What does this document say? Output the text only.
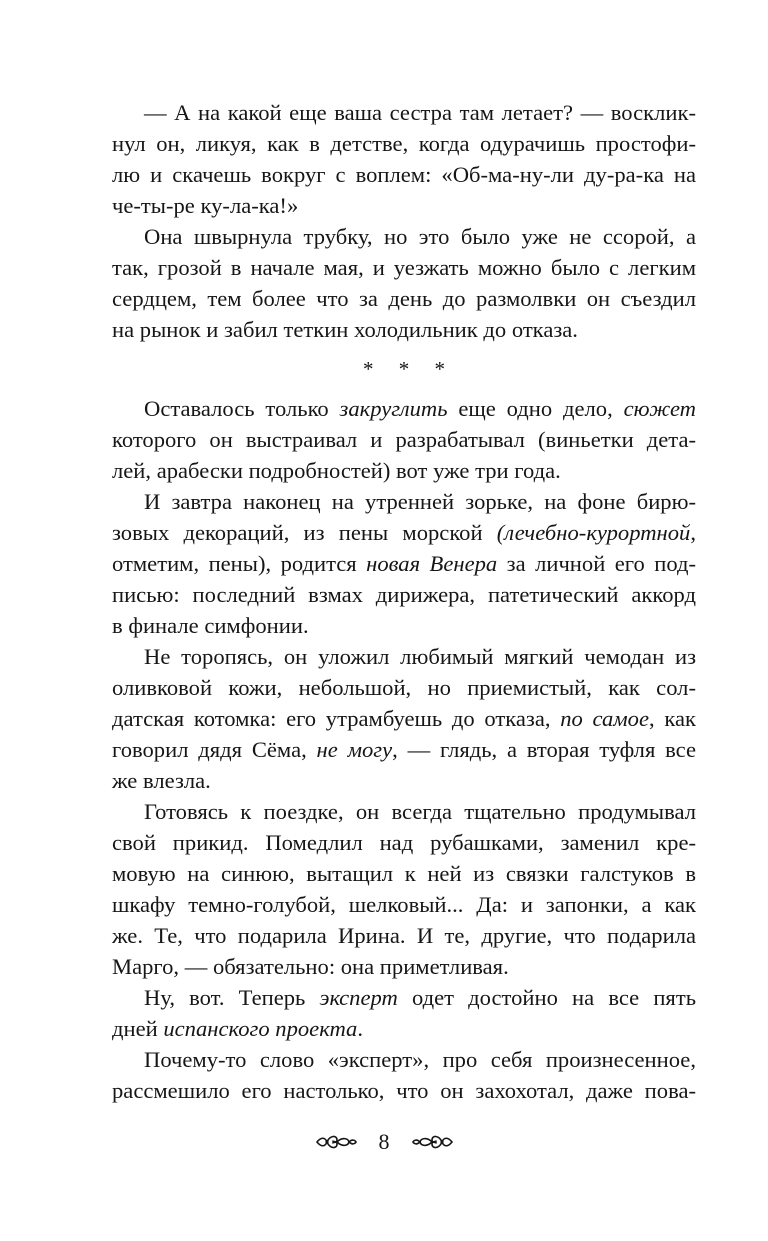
— А на какой еще ваша сестра там летает? — восклик-
нул он, ликуя, как в детстве, когда одурачишь простофи-
лю и скачешь вокруг с воплем: «Об-ма-ну-ли ду-ра-ка на
че-ты-ре ку-ла-ка!»
Она швырнула трубку, но это было уже не ссорой, а
так, грозой в начале мая, и уезжать можно было с легким
сердцем, тем более что за день до размолвки он съездил
на рынок и забил теткин холодильник до отказа.
* * *
Оставалось только закруглить еще одно дело, сюжет
которого он выстраивал и разрабатывал (виньетки дета-
лей, арабески подробностей) вот уже три года.
И завтра наконец на утренней зорьке, на фоне бирю-
зовых декораций, из пены морской (лечебно-курортной,
отметим, пены), родится новая Венера за личной его под-
писью: последний взмах дирижера, патетический аккорд
в финале симфонии.
Не торопясь, он уложил любимый мягкий чемодан из
оливковой кожи, небольшой, но приемистый, как сол-
датская котомка: его утрамбуешь до отказа, по самое, как
говорил дядя Сёма, не могу, — глядь, а вторая туфля все
же влезла.
Готовясь к поездке, он всегда тщательно продумывал
свой прикид. Помедлил над рубашками, заменил кре-
мовую на синюю, вытащил к ней из связки галстуков в
шкафу темно-голубой, шелковый... Да: и запонки, а как
же. Те, что подарила Ирина. И те, другие, что подарила
Марго, — обязательно: она приметливая.
Ну, вот. Теперь эксперт одет достойно на все пять
дней испанского проекта.
Почему-то слово «эксперт», про себя произнесенное,
рассмешило его настолько, что он захохотал, даже пова-
8
